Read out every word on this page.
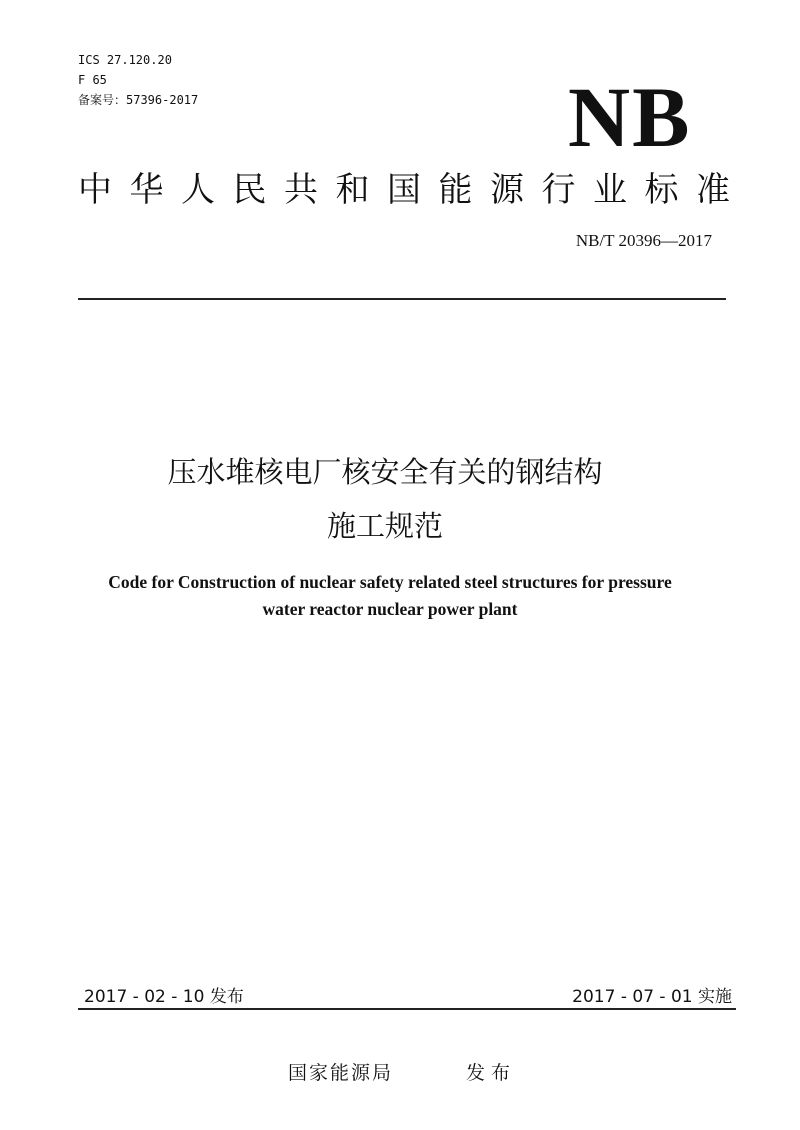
ICS 27.120.20
F 65
备案号：57396-2017	NB
中华人民共和国能源行业标准
NB/T 20396—2017
压水堆核电厂核安全有关的钢结构
施工规范
Code for Construction of nuclear safety related steel structures for pressure
water reactor nuclear power plant
2017 - 02 - 10 发布	2017 - 07 - 01 实施
国家能源局	发布
